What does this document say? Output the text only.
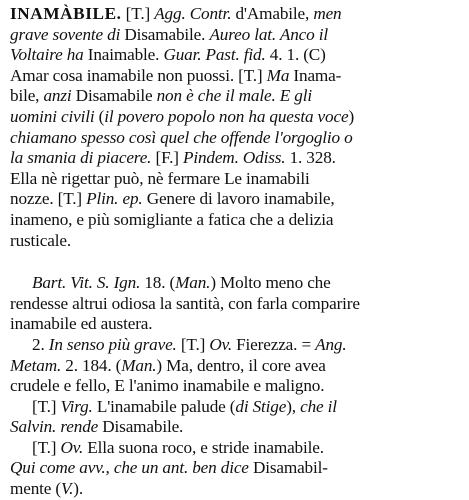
INAMÀBILE. [T.] Agg. Contr. d'Amabile, men
grave sovente di Disamabile. Aureo lat. Anco il
Voltaire ha Inaimable. Guar. Past. fid. 4. 1. (C)
Amar cosa inamabile non puossi. [T.] Ma Inama-
bile, anzi Disamabile non è che il male. E gli
uomini civili (il povero popolo non ha questa voce)
chiamano spesso così quel che offende l'orgoglio o
la smania di piacere. [F.] Pindem. Odiss. 1. 328.
Ella nè rigettar può, nè fermare Le inamabili
nozze. [T.] Plin. ep. Genere di lavoro inamabile,
inameno, e più somigliante a fatica che a delizia
rusticale.
Bart. Vit. S. Ign. 18. (Man.) Molto meno che
rendesse altrui odiosa la santità, con farla comparire
inamabile ed austera.
2. In senso più grave. [T.] Ov. Fierezza. = Ang.
Metam. 2. 184. (Man.) Ma, dentro, il core avea
crudele e fello, E l'animo inamabile e maligno.
[T.] Virg. L'inamabile palude (di Stige), che il
Salvin. rende Disamabile.
[T.] Ov. Ella suona roco, e stride inamabile.
Qui come avv., che un ant. ben dice Disamabil-
mente (V.).
